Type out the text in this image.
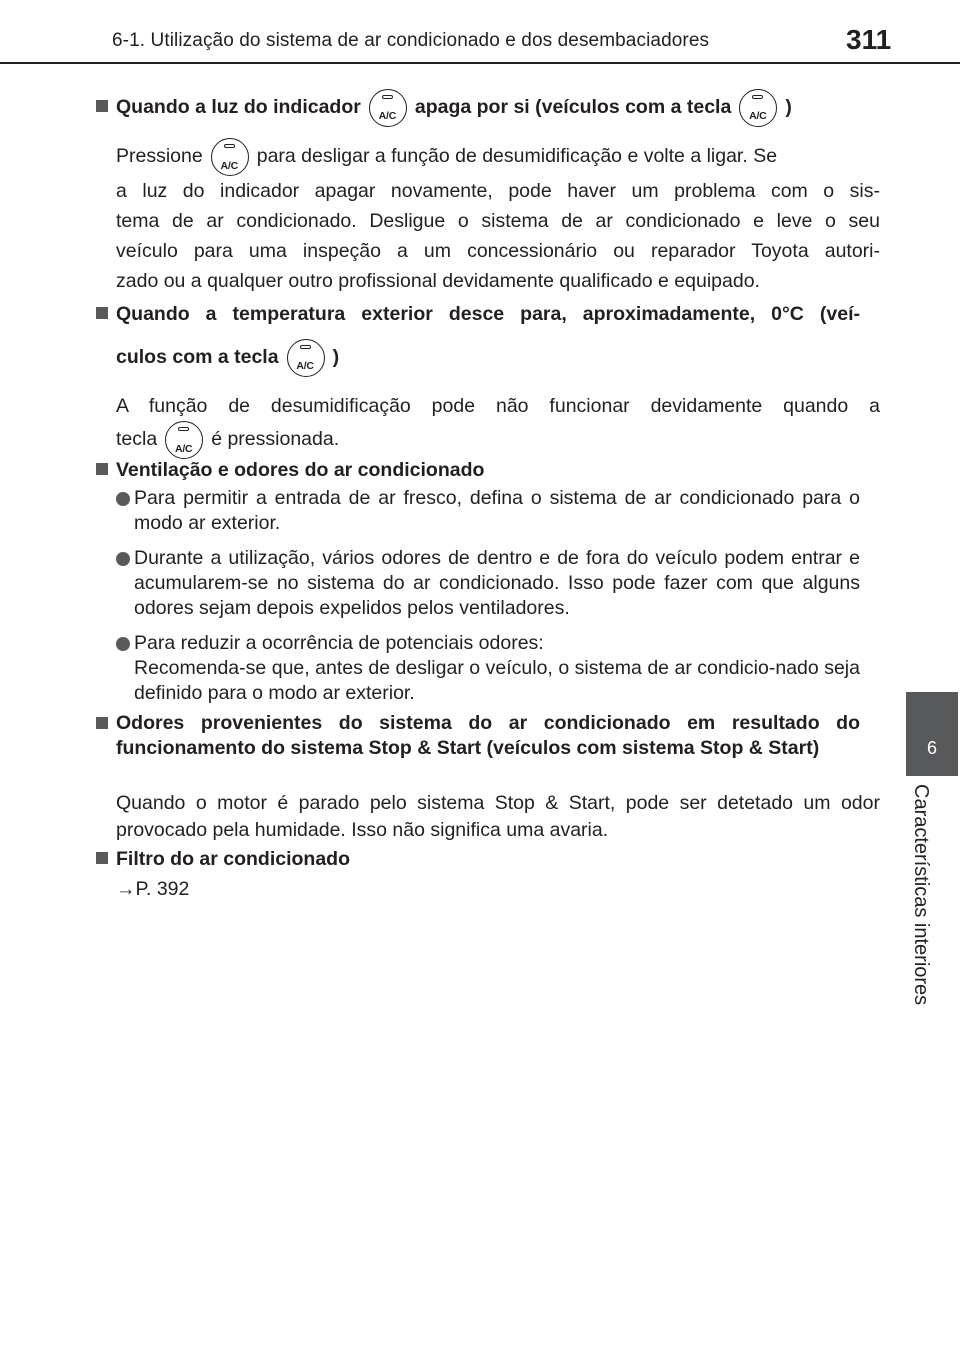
6-1. Utilização do sistema de ar condicionado e dos desembaciadores	311
6
Características interiores
Quando a luz do indicador	A/C apaga por si (veículos com a tecla	A/C )
Pressione	A/C para desligar a função de desumidificação e volte a ligar. Se
a luz do indicador apagar novamente, pode haver um problema com o sis-
tema de ar condicionado. Desligue o sistema de ar condicionado e leve o seu
veículo para uma inspeção a um concessionário ou reparador Toyota autori-
zado ou a qualquer outro profissional devidamente qualificado e equipado.
Quando a temperatura exterior desce para, aproximadamente, 0°C (veí-
culos com a tecla	A/C )
A função de desumidificação pode não funcionar devidamente quando a
tecla	A/C é pressionada.
Ventilação e odores do ar condicionado
Para permitir a entrada de ar fresco, defina o sistema de ar condicionado para o modo ar exterior.
Durante a utilização, vários odores de dentro e de fora do veículo podem entrar e acumularem-se no sistema do ar condicionado. Isso pode fazer com que alguns odores sejam depois expelidos pelos ventiladores.
Para reduzir a ocorrência de potenciais odores:
Recomenda-se que, antes de desligar o veículo, o sistema de ar condicio-nado seja definido para o modo ar exterior.
Odores provenientes do sistema do ar condicionado em resultado do funcionamento do sistema Stop & Start (veículos com sistema Stop & Start)
Quando o motor é parado pelo sistema Stop & Start, pode ser detetado um odor provocado pela humidade. Isso não significa uma avaria.
Filtro do ar condicionado
→P. 392
